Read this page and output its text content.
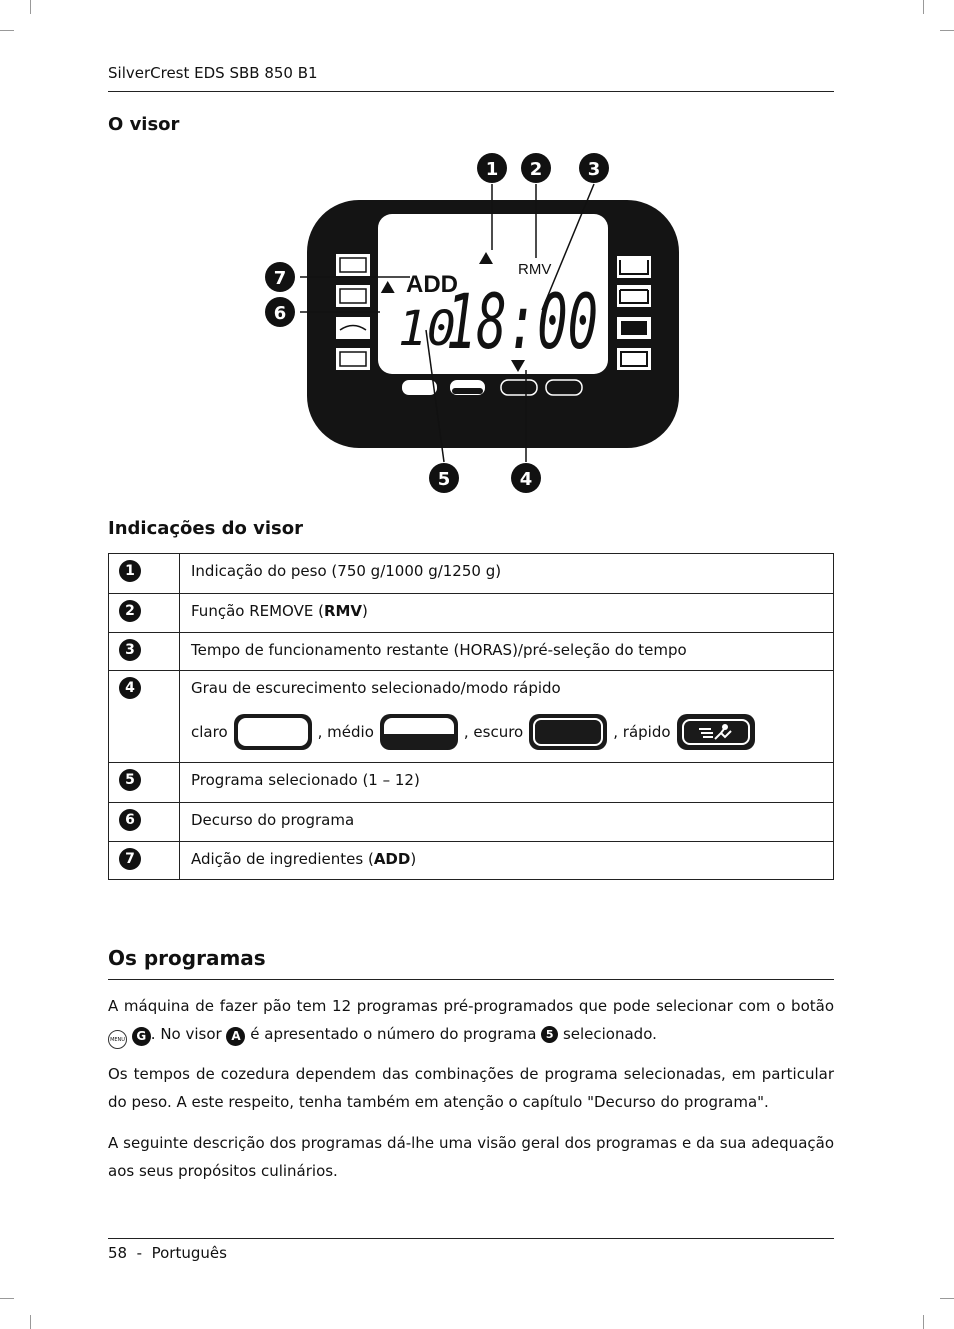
SilverCrest EDS SBB 850 B1
O visor
750g	1000g	1250g
ADD
RMV
10
18:00
1 2	3
4
5
6
7
Indicações do visor
1	Indicação do peso (750 g/1000 g/1250 g)
2	Função REMOVE (RMV)
3	Tempo de funcionamento restante (HORAS)/pré-seleção do tempo
4	Grau de escurecimento selecionado/modo rápido
claro , médio , escuro , rápido

5	Programa selecionado (1 – 12)
6	Decurso do programa
7	Adição de ingredientes (ADD)
Os programas
A máquina de fazer pão tem 12 programas pré-programados que pode selecionar com o botão MENU G . No visor A é apresentado o número do programa 5 selecionado.
Os tempos de cozedura dependem das combinações de programa selecionadas, em particular do peso. A este respeito, tenha também em atenção o capítulo "Decurso do programa".
A seguinte descrição dos programas dá-lhe uma visão geral dos programas e da sua adequação aos seus propósitos culinários.
58 - Português
